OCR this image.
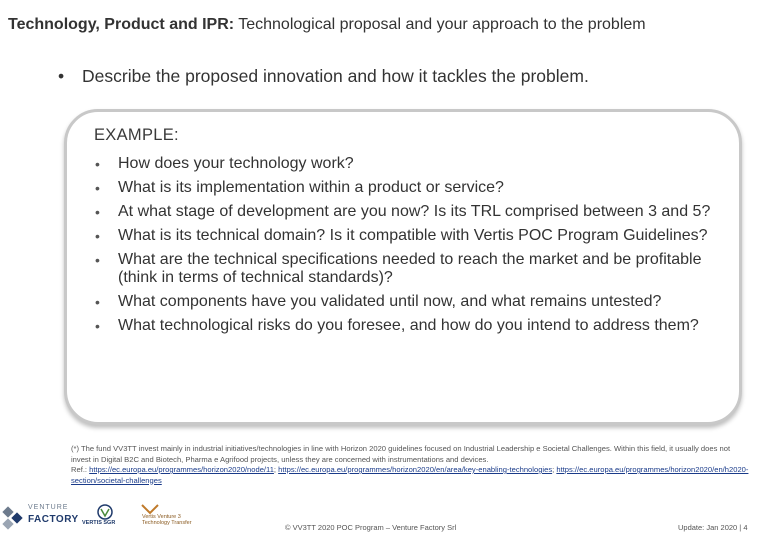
Technology, Product and IPR: Technological proposal and your approach to the problem
• Describe the proposed innovation and how it tackles the problem.
EXAMPLE:
• How does your technology work?
• What is its implementation within a product or service?
• At what stage of development are you now? Is its TRL comprised between 3 and 5?
• What is its technical domain? Is it compatible with Vertis POC Program Guidelines?
• What are the technical specifications needed to reach the market and be profitable (think in terms of technical standards)?
• What components have you validated until now, and what remains untested?
• What technological risks do you foresee, and how do you intend to address them?
(*) The fund VV3TT invest mainly in industrial initiatives/technologies in line with Horizon 2020 guidelines focused on Industrial Leadership e Societal Challenges. Within this field, it usually does not invest in Digital B2C and Biotech, Pharma e Agrifood projects, unless they are concerned with instrumentations and devices.
Ref.: https://ec.europa.eu/programmes/horizon2020/node/11; https://ec.europa.eu/programmes/horizon2020/en/area/key-enabling-technologies; https://ec.europa.eu/programmes/horizon2020/en/h2020-section/societal-challenges
VENTURE
FACTORY VERTIS SGR
Vertis Venture 3
Technology Transfer	© VV3TT 2020 POC Program – Venture Factory Srl	Update: Jan 2020 | 4
